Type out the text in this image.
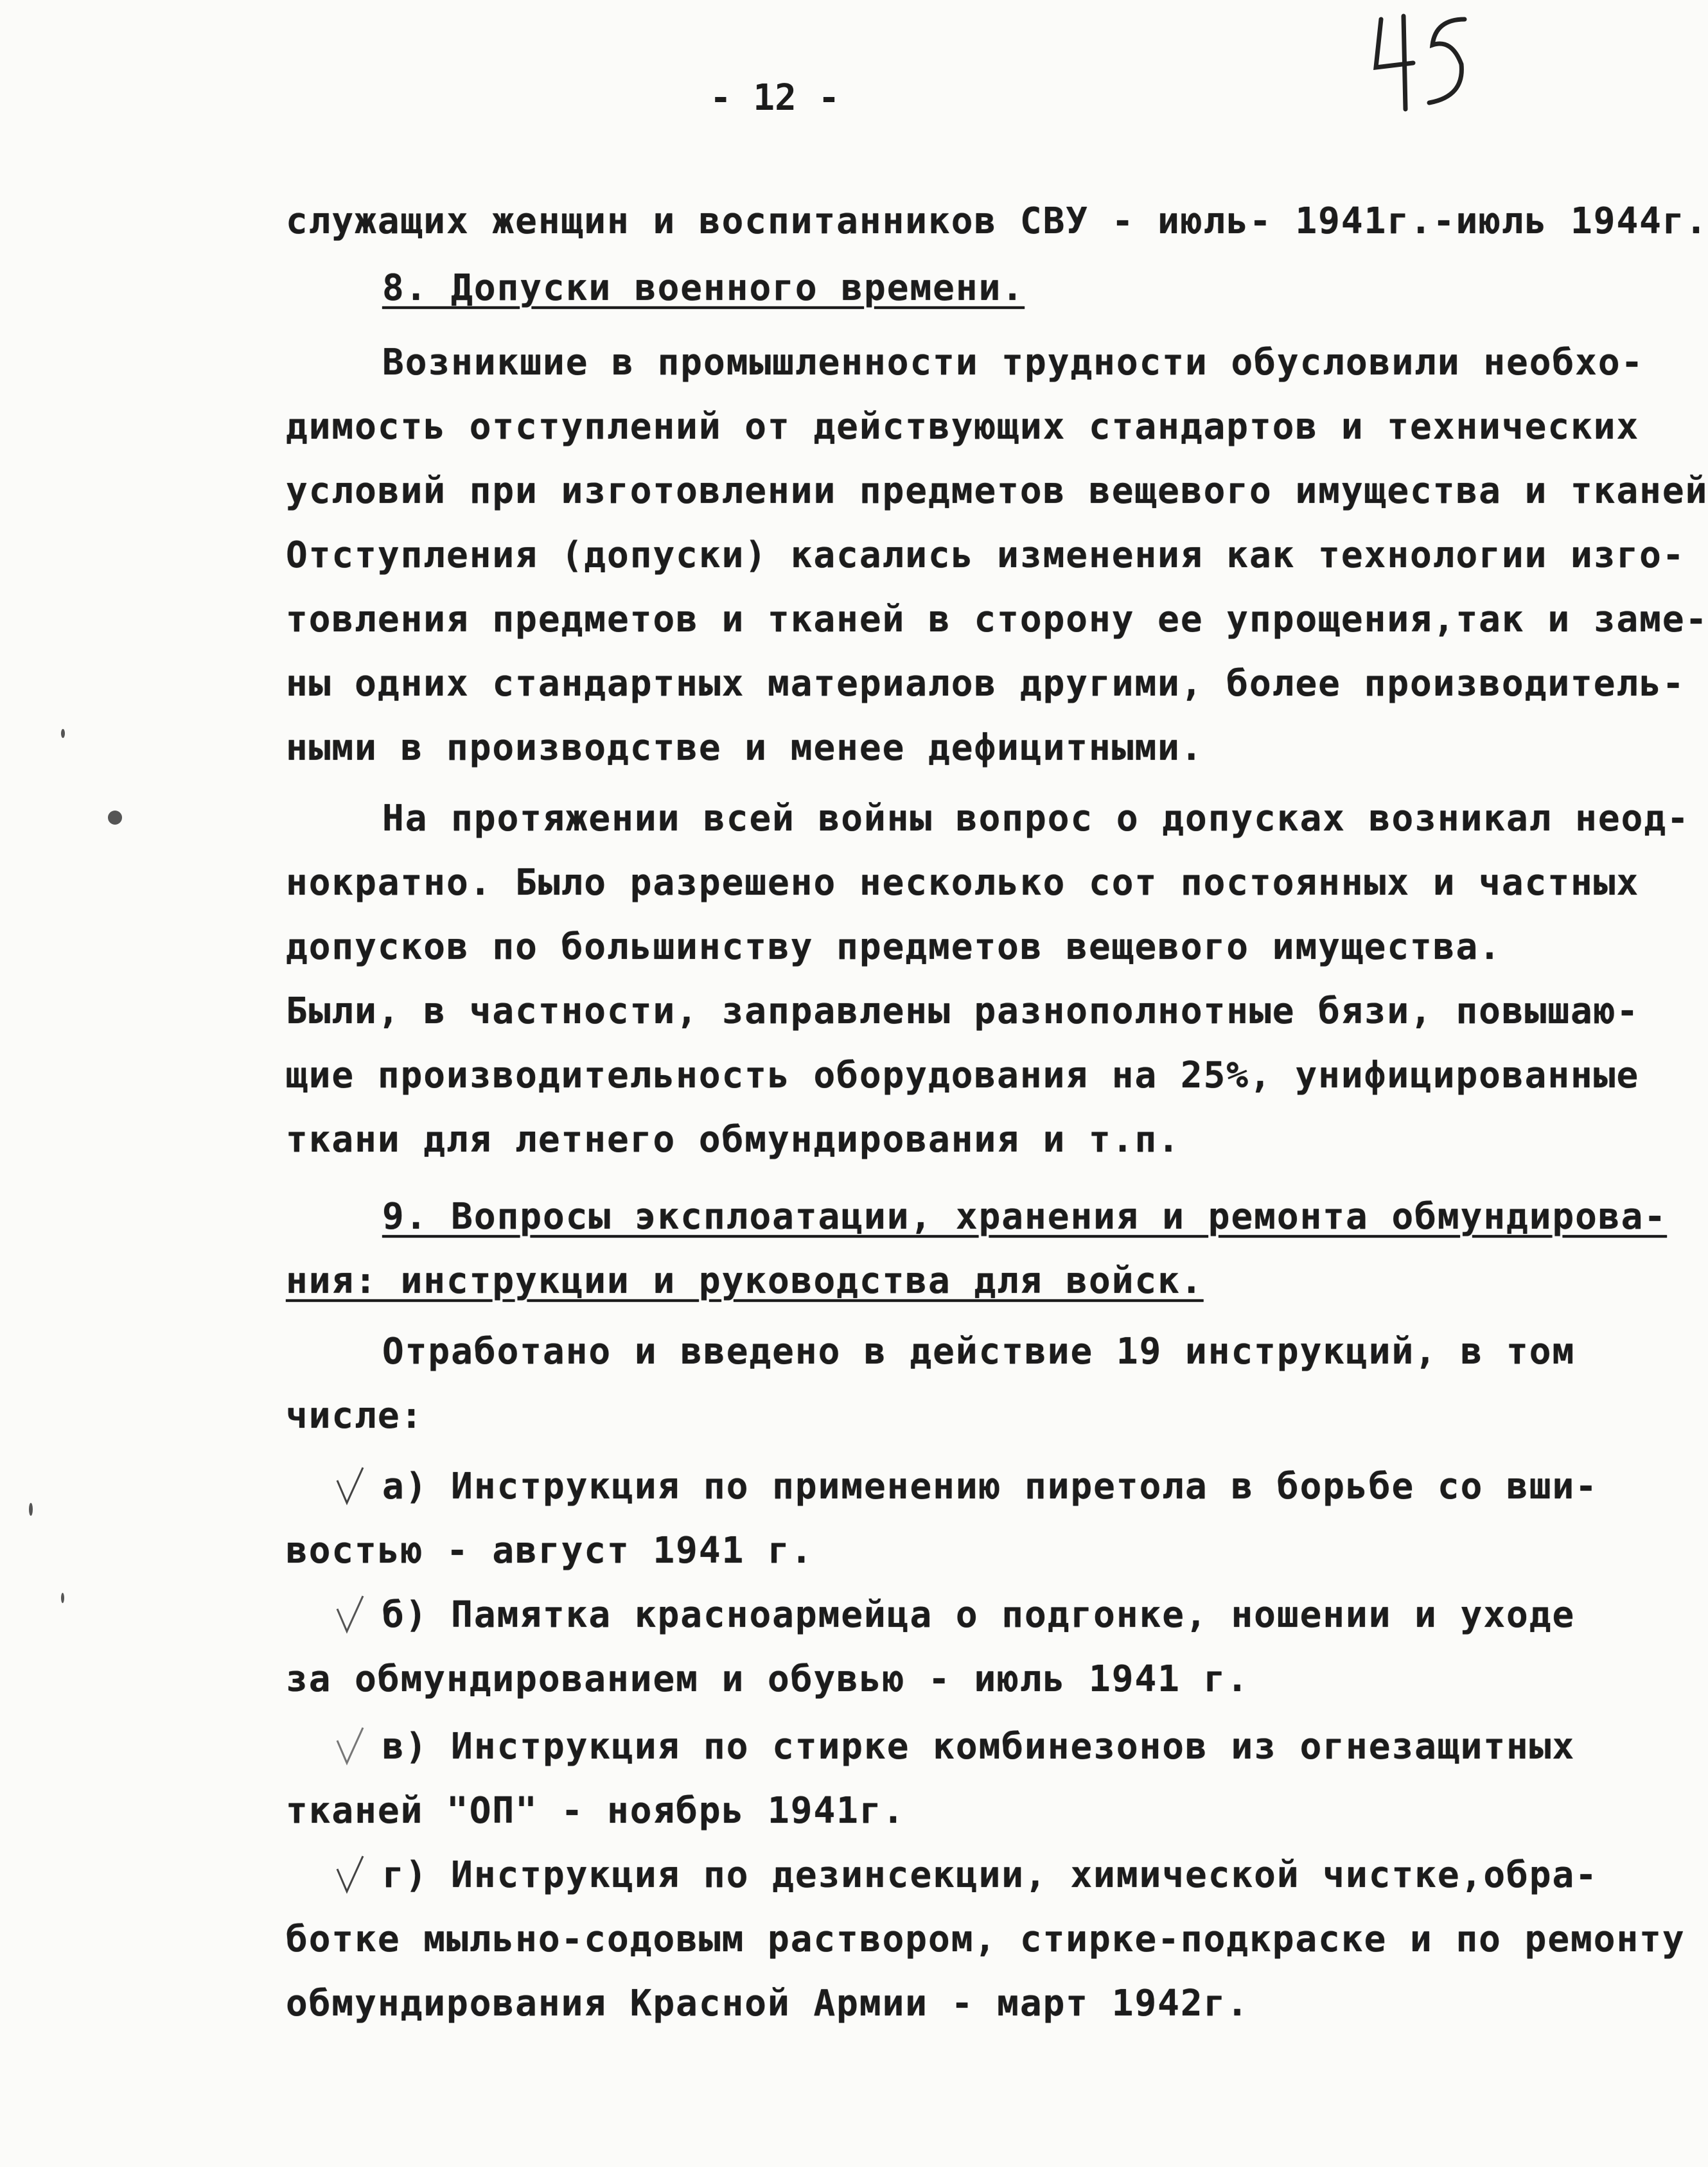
- 12 -
служащих женщин и воспитанников СВУ - июль- 1941г.-июль 1944г.
8. Допуски военного времени.
Возникшие в промышленности трудности обусловили необхо-
димость отступлений от действующих стандартов и технических
условий при изготовлении предметов вещевого имущества и тканей
Отступления (допуски) касались изменения как технологии изго-
товления предметов и тканей в сторону ее упрощения,так и заме-
ны одних стандартных материалов другими, более производитель-
ными в производстве и менее дефицитными.
На протяжении всей войны вопрос о допусках возникал неод-
нократно. Было разрешено несколько сот постоянных и частных
допусков по большинству предметов вещевого имущества.
Были, в частности, заправлены разнополнотные бязи, повышаю-
щие производительность оборудования на 25%, унифицированные
ткани для летнего обмундирования и т.п.
9. Вопросы эксплоатации, хранения и ремонта обмундирова-
ния: инструкции и руководства для войск.
Отработано и введено в действие 19 инструкций, в том
числе:
а) Инструкция по применению пиретола в борьбе со вши-
востью - август 1941 г.
б) Памятка красноармейца о подгонке, ношении и уходе
за обмундированием и обувью - июль 1941 г.
в) Инструкция по стирке комбинезонов из огнезащитных
тканей "ОП" - ноябрь 1941г.
г) Инструкция по дезинсекции, химической чистке,обра-
ботке мыльно-содовым раствором, стирке-подкраске и по ремонту
обмундирования Красной Армии - март 1942г.
